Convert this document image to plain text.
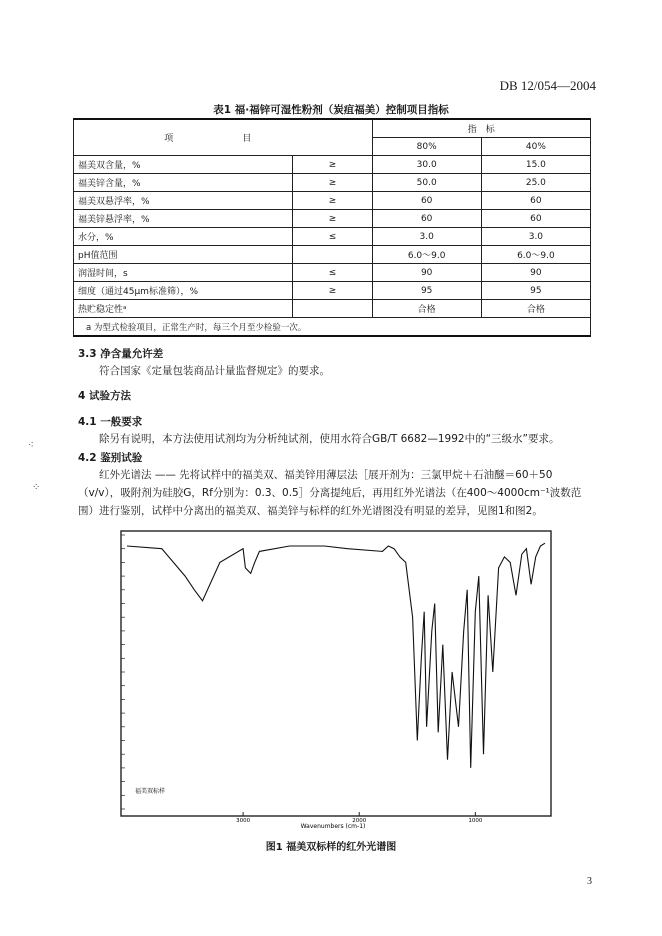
DB 12/054—2004
表1 福·福锌可湿性粉剂（炭疽福美）控制项目指标
项　目		指　标	
		80%	40%
福美双含量，%	≥	30.0	15.0
福美锌含量，%	≥	50.0	25.0
福美双悬浮率，%	≥	60	60
福美锌悬浮率，%	≥	60	60
水分，%	≤	3.0	3.0
pH值范围		6.0～9.0	6.0～9.0
润湿时间，s	≤	90	90
细度（通过45μm标准筛），%	≥	95	95
热贮稳定性ᵃ		合格	合格
a 为型式检验项目，正常生产时，每三个月至少检验一次。			
3.3 净含量允许差
符合国家《定量包装商品计量监督规定》的要求。
4 试验方法
4.1 一般要求
除另有说明，本方法使用试剂均为分析纯试剂，使用水符合GB/T 6682—1992中的“三级水”要求。
4.2 鉴别试验
红外光谱法 —— 先将试样中的福美双、福美锌用薄层法［展开剂为：三氯甲烷＋石油醚＝60＋50（v/v），吸附剂为硅胶G，Rf分别为：0.3、0.5］分离提纯后，再用红外光谱法（在400～4000cm⁻¹波数范围）进行鉴别，试样中分离出的福美双、福美锌与标样的红外光谱图没有明显的差异，见图1和图2。
⁖
⁘
3000	2000	1000
Wavenumbers (cm-1)
福美双标样
图1 福美双标样的红外光谱图
3
